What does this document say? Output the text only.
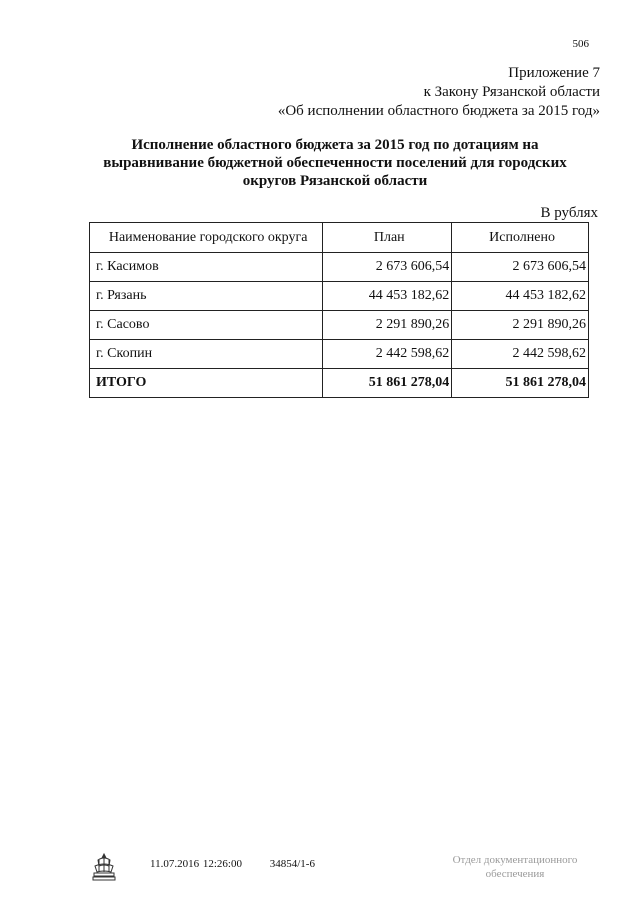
506
Приложение 7
к Закону Рязанской области
«Об исполнении областного бюджета за 2015 год»
Исполнение областного бюджета за 2015 год по дотациям на
выравнивание бюджетной обеспеченности поселений для городских
округов Рязанской области
В рублях
Наименование городского округа	План	Исполнено
г. Касимов	2 673 606,54	2 673 606,54
г. Рязань	44 453 182,62	44 453 182,62
г. Сасово	2 291 890,26	2 291 890,26
г. Скопин	2 442 598,62	2 442 598,62
ИТОГО	51 861 278,04	51 861 278,04
11.07.2016 12:26:00	34854/1-6	Отдел документационного
обеспечения
